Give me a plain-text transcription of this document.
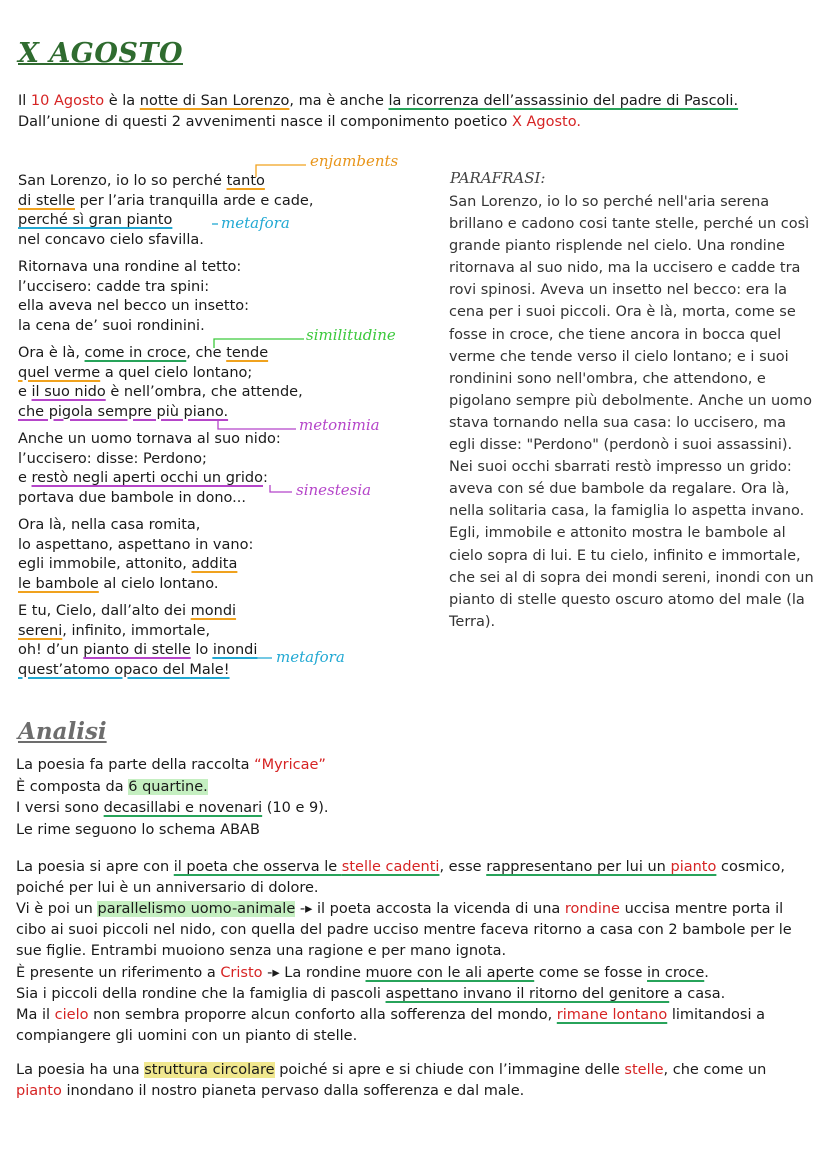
X AGOSTO
Il 10 Agosto è la notte di San Lorenzo, ma è anche la ricorrenza dell’assassinio del padre di Pascoli.
Dall’unione di questi 2 avvenimenti nasce il componimento poetico X Agosto.
San Lorenzo, io lo so perché tanto
di stelle per l’aria tranquilla arde e cade,
perché sì gran pianto
nel concavo cielo sfavilla.
Ritornava una rondine al tetto:
l’uccisero: cadde tra spini:
ella aveva nel becco un insetto:
la cena de’ suoi rondinini.
Ora è là, come in croce, che tende
quel verme a quel cielo lontano;
e il suo nido è nell’ombra, che attende,
che pigola sempre più piano.
Anche un uomo tornava al suo nido:
l’uccisero: disse: Perdono;
e restò negli aperti occhi un grido:
portava due bambole in dono...
Ora là, nella casa romita,
lo aspettano, aspettano in vano:
egli immobile, attonito, addita
le bambole al cielo lontano.
E tu, Cielo, dall’alto dei mondi
sereni, infinito, immortale,
oh! d’un pianto di stelle lo inondi
quest’atomo opaco del Male!
enjambents
metafora
similitudine
metonimia
sinestesia
metafora
PARAFRASI:
San Lorenzo, io lo so perché nell'aria serena brillano e cadono cosi tante stelle, perché un così grande pianto risplende nel cielo. Una rondine ritornava al suo nido, ma la uccisero e cadde tra rovi spinosi. Aveva un insetto nel becco: era la cena per i suoi piccoli. Ora è là, morta, come se fosse in croce, che tiene ancora in bocca quel verme che tende verso il cielo lontano; e i suoi rondinini sono nell'ombra, che attendono, e pigolano sempre più debolmente. Anche un uomo stava tornando nella sua casa: lo uccisero, ma egli disse: "Perdono" (perdonò i suoi assassini). Nei suoi occhi sbarrati restò impresso un grido: aveva con sé due bambole da regalare. Ora là, nella solitaria casa, la famiglia lo aspetta invano. Egli, immobile e attonito mostra le bambole al cielo sopra di lui. E tu cielo, infinito e immortale, che sei al di sopra dei mondi sereni, inondi con un pianto di stelle questo oscuro atomo del male (la Terra).
Analisi
La poesia fa parte della raccolta “Myricae”
È composta da 6 quartine.
I versi sono decasillabi e novenari (10 e 9).
Le rime seguono lo schema ABAB
La poesia si apre con il poeta che osserva le stelle cadenti, esse rappresentano per lui un pianto cosmico, poiché per lui è un anniversario di dolore.
Vi è poi un parallelismo uomo-animale -▸ il poeta accosta la vicenda di una rondine uccisa mentre porta il cibo ai suoi piccoli nel nido, con quella del padre ucciso mentre faceva ritorno a casa con 2 bambole per le sue figlie. Entrambi muoiono senza una ragione e per mano ignota.
È presente un riferimento a Cristo -▸ La rondine muore con le ali aperte come se fosse in croce.
Sia i piccoli della rondine che la famiglia di pascoli aspettano invano il ritorno del genitore a casa.
Ma il cielo non sembra proporre alcun conforto alla sofferenza del mondo, rimane lontano limitandosi a compiangere gli uomini con un pianto di stelle.
La poesia ha una struttura circolare poiché si apre e si chiude con l’immagine delle stelle, che come un pianto inondano il nostro pianeta pervaso dalla sofferenza e dal male.
